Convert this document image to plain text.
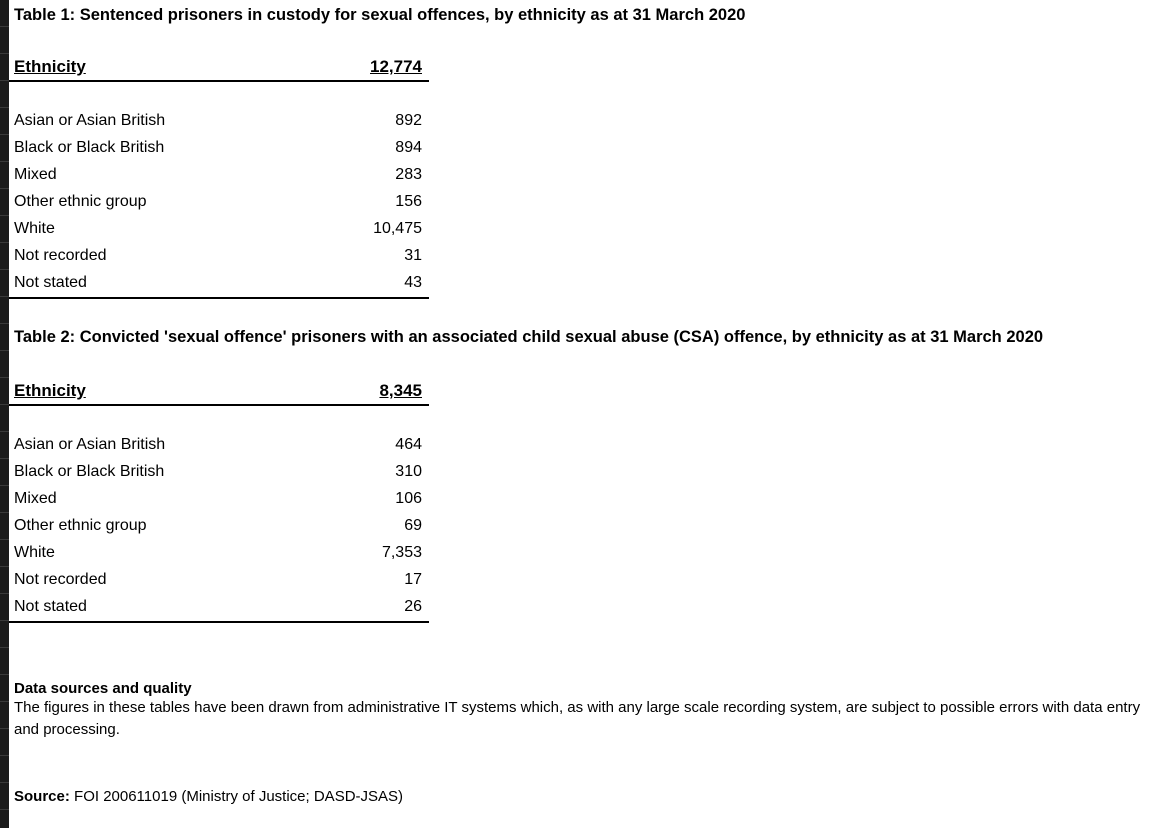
Table 1: Sentenced prisoners in custody for sexual offences, by ethnicity as at 31 March 2020
Ethnicity	12,774
Asian or Asian British	892
Black or Black British	894
Mixed	283
Other ethnic group	156
White	10,475
Not recorded	31
Not stated	43
Table 2: Convicted 'sexual offence' prisoners with an associated child sexual abuse (CSA) offence, by ethnicity as at 31 March 2020
Ethnicity	8,345
Asian or Asian British	464
Black or Black British	310
Mixed	106
Other ethnic group	69
White	7,353
Not recorded	17
Not stated	26
Data sources and quality
The figures in these tables have been drawn from administrative IT systems which, as with any large scale recording system, are subject to possible errors with data entry and processing.
Source: FOI 200611019 (Ministry of Justice; DASD-JSAS)
